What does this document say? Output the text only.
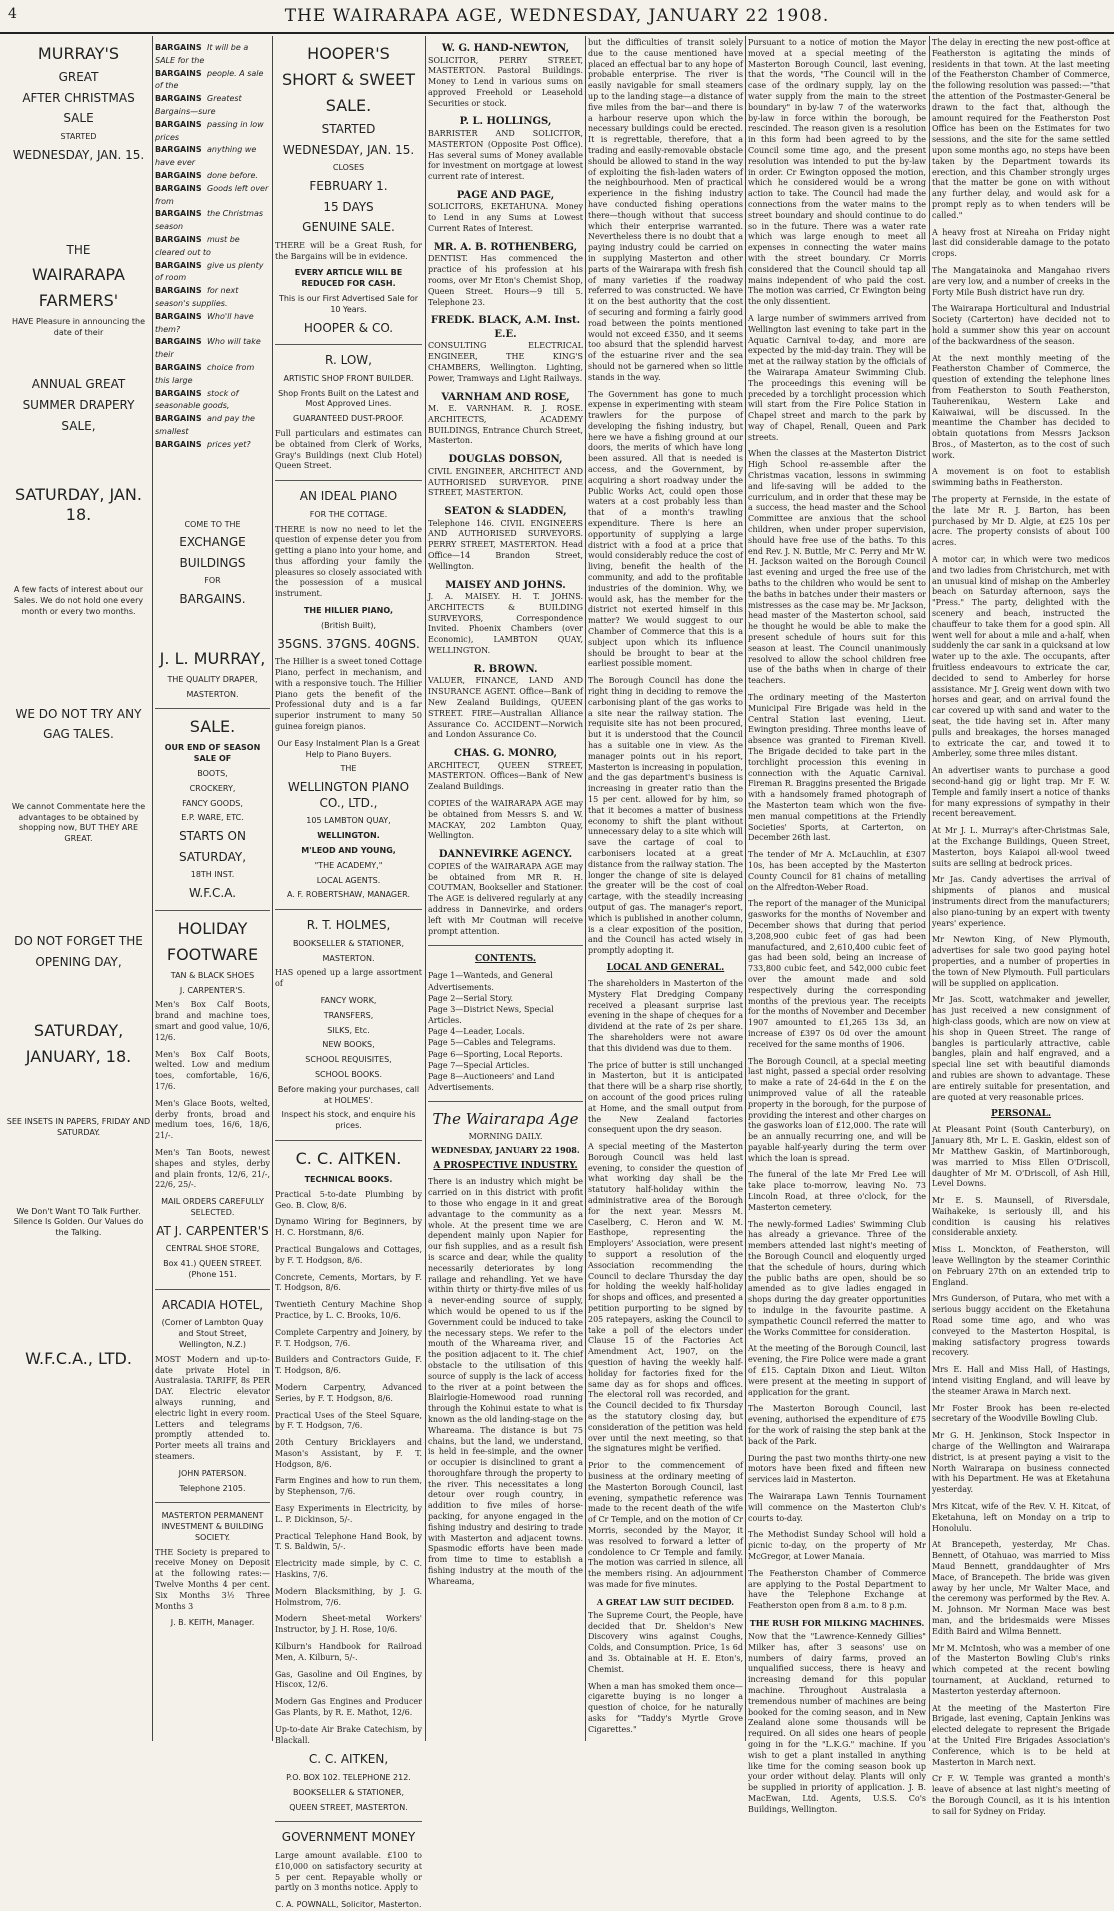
4	THE WAIRARAPA AGE, WEDNESDAY, JANUARY 22 1908.
MURRAY'S
GREAT
AFTER CHRISTMAS
SALE
STARTED
WEDNESDAY, JAN. 15.
THE
WAIRARAPA
FARMERS'
HAVE Pleasure in announcing the date of their
ANNUAL GREAT
SUMMER DRAPERY
SALE,
SATURDAY, JAN. 18.
A few facts of interest about our Sales. We do not hold one every month or every two months.
WE DO NOT TRY ANY
GAG TALES.
We cannot Commentate here the advantages to be obtained by shopping now, BUT THEY ARE GREAT.
DO NOT FORGET THE
OPENING DAY,
SATURDAY,
JANUARY, 18.
SEE INSETS IN PAPERS, FRIDAY AND SATURDAY.
We Don't Want TO Talk Further. Silence Is Golden. Our Values do the Talking.
W.F.C.A., LTD.
BARGAINS It will be a SALE for the
BARGAINS people. A sale of the
BARGAINS Greatest Bargains—sure
BARGAINS passing in low prices
BARGAINS anything we have ever
BARGAINS done before.
BARGAINS Goods left over from
BARGAINS the Christmas season
BARGAINS must be cleared out to
BARGAINS give us plenty of room
BARGAINS for next season's supplies.
BARGAINS Who'll have them?
BARGAINS Who will take their
BARGAINS choice from this large
BARGAINS stock of seasonable goods,
BARGAINS and pay the smallest
BARGAINS prices yet?
COME TO THE
EXCHANGE
BUILDINGS
FOR
BARGAINS.
J. L. MURRAY,
THE QUALITY DRAPER,
MASTERTON.
SALE.
OUR END OF SEASON SALE OF
BOOTS,
CROCKERY,
FANCY GOODS,
E.P. WARE, ETC.
STARTS ON
SATURDAY,
18TH INST.
W.F.C.A.
HOLIDAY
FOOTWARE
TAN & BLACK SHOES
J. CARPENTER'S.
Men's Box Calf Boots, brand and machine toes, smart and good value, 10/6, 12/6.
Men's Box Calf Boots, welted. Low and medium toes, comfortable, 16/6, 17/6.
Men's Glace Boots, welted, derby fronts, broad and medium toes, 16/6, 18/6, 21/-.
Men's Tan Boots, newest shapes and styles, derby and plain fronts, 12/6, 21/-, 22/6, 25/-.
MAIL ORDERS CAREFULLY SELECTED.
AT J. CARPENTER'S
CENTRAL SHOE STORE,
Box 41.) QUEEN STREET. (Phone 151.
ARCADIA HOTEL,
(Corner of Lambton Quay and Stout Street, Wellington, N.Z.)
MOST Modern and up-to-date private Hotel in Australasia. TARIFF, 8s PER DAY. Electric elevator always running, and electric light in every room. Letters and telegrams promptly attended to. Porter meets all trains and steamers.
JOHN PATERSON.
Telephone 2105.
MASTERTON PERMANENT INVESTMENT & BUILDING SOCIETY.
THE Society is prepared to receive Money on Deposit at the following rates:— Twelve Months 4 per cent. Six Months 3½ Three Months 3
J. B. KEITH, Manager.
HOOPER'S
SHORT & SWEET
SALE.
STARTED
WEDNESDAY, JAN. 15.
CLOSES
FEBRUARY 1.
15 DAYS
GENUINE SALE.
THERE will be a Great Rush, for the Bargains will be in evidence.
EVERY ARTICLE WILL BE REDUCED FOR CASH.
This is our First Advertised Sale for 10 Years.
HOOPER & CO.
R. LOW,
ARTISTIC SHOP FRONT BUILDER.
Shop Fronts Built on the Latest and Most Approved Lines.
GUARANTEED DUST-PROOF.
Full particulars and estimates can be obtained from Clerk of Works, Gray's Buildings (next Club Hotel) Queen Street.
AN IDEAL PIANO
FOR THE COTTAGE.
THERE is now no need to let the question of expense deter you from getting a piano into your home, and thus affording your family the pleasures so closely associated with the possession of a musical instrument.
THE HILLIER PIANO,
(British Built),
35GNS. 37GNS. 40GNS.
The Hillier is a sweet toned Cottage Piano, perfect in mechanism, and with a responsive touch. The Hillier Piano gets the benefit of the Professional duty and is a far superior instrument to many 50 guinea foreign pianos.
Our Easy Instalment Plan Is a Great Help to Piano Buyers.
THE
WELLINGTON PIANO CO., LTD.,
105 LAMBTON QUAY,
WELLINGTON.
M'LEOD AND YOUNG,
"THE ACADEMY,"
LOCAL AGENTS.
A. F. ROBERTSHAW, MANAGER.
R. T. HOLMES,
BOOKSELLER & STATIONER,
MASTERTON.
HAS opened up a large assortment of
FANCY WORK,
TRANSFERS,
SILKS, Etc.
NEW BOOKS,
SCHOOL REQUISITES,
SCHOOL BOOKS.
Before making your purchases, call at HOLMES'.
Inspect his stock, and enquire his prices.
C. C. AITKEN.
TECHNICAL BOOKS.
Practical 5-to-date Plumbing by Geo. B. Clow, 8/6.
Dynamo Wiring for Beginners, by H. C. Horstmann, 8/6.
Practical Bungalows and Cottages, by F. T. Hodgson, 8/6.
Concrete, Cements, Mortars, by F. T. Hodgson, 8/6.
Twentieth Century Machine Shop Practice, by L. C. Brooks, 10/6.
Complete Carpentry and Joinery, by F. T. Hodgson, 7/6.
Builders and Contractors Guide, F. T. Hodgson, 8/6.
Modern Carpentry, Advanced Series, by F. T. Hodgson, 8/6.
Practical Uses of the Steel Square, by F. T. Hodgson, 7/6.
20th Century Bricklayers and Mason's Assistant, by F. T. Hodgson, 8/6.
Farm Engines and how to run them, by Stephenson, 7/6.
Easy Experiments in Electricity, by L. P. Dickinson, 5/-.
Practical Telephone Hand Book, by T. S. Baldwin, 5/-.
Electricity made simple, by C. C. Haskins, 7/6.
Modern Blacksmithing, by J. G. Holmstrom, 7/6.
Modern Sheet-metal Workers' Instructor, by J. H. Rose, 10/6.
Kilburn's Handbook for Railroad Men, A. Kilburn, 5/-.
Gas, Gasoline and Oil Engines, by Hiscox, 12/6.
Modern Gas Engines and Producer Gas Plants, by R. E. Mathot, 12/6.
Up-to-date Air Brake Catechism, by Blackall.
C. C. AITKEN,
P.O. BOX 102. TELEPHONE 212.
BOOKSELLER & STATIONER,
QUEEN STREET, MASTERTON.
GOVERNMENT MONEY
Large amount available. £100 to £10,000 on satisfactory security at 5 per cent. Repayable wholly or partly on 3 months notice. Apply to
C. A. POWNALL, Solicitor, Masterton.
W. G. HAND-NEWTON,
SOLICITOR, PERRY STREET, MASTERTON. Pastoral Buildings. Money to Lend in various sums on approved Freehold or Leasehold Securities or stock.
P. L. HOLLINGS,
BARRISTER AND SOLICITOR, MASTERTON (Opposite Post Office). Has several sums of Money available for investment on mortgage at lowest current rate of interest.
PAGE AND PAGE,
SOLICITORS, EKETAHUNA. Money to Lend in any Sums at Lowest Current Rates of Interest.
MR. A. B. ROTHENBERG,
DENTIST. Has commenced the practice of his profession at his rooms, over Mr Eton's Chemist Shop, Queen Street. Hours—9 till 5. Telephone 23.
FREDK. BLACK, A.M. Inst. E.E.
CONSULTING ELECTRICAL ENGINEER, THE KING'S CHAMBERS, Wellington. Lighting, Power, Tramways and Light Railways.
VARNHAM AND ROSE,
M. E. VARNHAM. R. J. ROSE. ARCHITECTS, ACADEMY BUILDINGS, Entrance Church Street, Masterton.
DOUGLAS DOBSON,
CIVIL ENGINEER, ARCHITECT AND AUTHORISED SURVEYOR. PINE STREET, MASTERTON.
SEATON & SLADDEN,
Telephone 146. CIVIL ENGINEERS AND AUTHORISED SURVEYORS. PERRY STREET, MASTERTON. Head Office—14 Brandon Street, Wellington.
MAISEY AND JOHNS.
J. A. MAISEY. H. T. JOHNS. ARCHITECTS & BUILDING SURVEYORS, Correspondence Invited. Phoenix Chambers (over Economic), LAMBTON QUAY, WELLINGTON.
R. BROWN.
VALUER, FINANCE, LAND AND INSURANCE AGENT. Office—Bank of New Zealand Buildings, QUEEN STREET. FIRE—Australian Alliance Assurance Co. ACCIDENT—Norwich and London Assurance Co.
CHAS. G. MONRO,
ARCHITECT, QUEEN STREET, MASTERTON. Offices—Bank of New Zealand Buildings.
COPIES of the WAIRARAPA AGE may be obtained from Messrs S. and W. MACKAY, 202 Lambton Quay, Wellington.
DANNEVIRKE AGENCY.
COPIES of the WAIRARAPA AGE may be obtained from MR R. H. COUTMAN, Bookseller and Stationer. The AGE is delivered regularly at any address in Dannevirke, and orders left with Mr Coutman will receive prompt attention.
CONTENTS.
Page 1—Wanteds, and General Advertisements.
Page 2—Serial Story.
Page 3—District News, Special Articles.
Page 4—Leader, Locals.
Page 5—Cables and Telegrams.
Page 6—Sporting, Local Reports.
Page 7—Special Articles.
Page 8—Auctioneers' and Land Advertisements.
The Wairarapa Age
MORNING DAILY.
WEDNESDAY, JANUARY 22 1908.
A PROSPECTIVE INDUSTRY.
There is an industry which might be carried on in this district with profit to those who engage in it and great advantage to the community as a whole. At the present time we are dependent mainly upon Napier for our fish supplies, and as a result fish is scarce and dear, while the quality necessarily deteriorates by long railage and rehandling. Yet we have within thirty or thirty-five miles of us a never-ending source of supply, which would be opened to us if the Government could be induced to take the necessary steps. We refer to the mouth of the Whareama river, and the position adjacent to it. The chief obstacle to the utilisation of this source of supply is the lack of access to the river at a point between the Blairlogie-Homewood road running through the Kohinui estate to what is known as the old landing-stage on the Whareama. The distance is but 75 chains, but the land, we understand, is held in fee-simple, and the owner or occupier is disinclined to grant a thoroughfare through the property to the river. This necessitates a long detour over rough country, in addition to five miles of horse-packing, for anyone engaged in the fishing industry and desiring to trade with Masterton and adjacent towns. Spasmodic efforts have been made from time to time to establish a fishing industry at the mouth of the Whareama,
but the difficulties of transit solely due to the cause mentioned have placed an effectual bar to any hope of probable enterprise. The river is easily navigable for small steamers up to the landing stage—a distance of five miles from the bar—and there is a harbour reserve upon which the necessary buildings could be erected. It is regrettable, therefore, that a trading and easily-removable obstacle should be allowed to stand in the way of exploiting the fish-laden waters of the neighbourhood. Men of practical experience in the fishing industry have conducted fishing operations there—though without that success which their enterprise warranted. Nevertheless there is no doubt that a paying industry could be carried on in supplying Masterton and other parts of the Wairarapa with fresh fish of many varieties if the roadway referred to was constructed. We have it on the best authority that the cost of securing and forming a fairly good road between the points mentioned would not exceed £350, and it seems too absurd that the splendid harvest of the estuarine river and the sea should not be garnered when so little stands in the way.
The Government has gone to much expense in experimenting with steam trawlers for the purpose of developing the fishing industry, but here we have a fishing ground at our doors, the merits of which have long been assured. All that is needed is access, and the Government, by acquiring a short roadway under the Public Works Act, could open those waters at a cost probably less than that of a month's trawling expenditure. There is here an opportunity of supplying a large district with a food at a price that would considerably reduce the cost of living, benefit the health of the community, and add to the profitable industries of the dominion. Why, we would ask, has the member for the district not exerted himself in this matter? We would suggest to our Chamber of Commerce that this is a subject upon which its influence should be brought to bear at the earliest possible moment.
The Borough Council has done the right thing in deciding to remove the carbonising plant of the gas works to a site near the railway station. The requisite site has not been procured, but it is understood that the Council has a suitable one in view. As the manager points out in his report, Masterton is increasing in population, and the gas department's business is increasing in greater ratio than the 15 per cent. allowed for by him, so that it becomes a matter of business economy to shift the plant without unnecessary delay to a site which will save the cartage of coal to carbonisers located at a great distance from the railway station. The longer the change of site is delayed the greater will be the cost of coal cartage, with the steadily increasing output of gas. The manager's report, which is published in another column, is a clear exposition of the position, and the Council has acted wisely in promptly adopting it.
LOCAL AND GENERAL.
The shareholders in Masterton of the Mystery Flat Dredging Company received a pleasant surprise last evening in the shape of cheques for a dividend at the rate of 2s per share. The shareholders were not aware that this dividend was due to them.
The price of butter is still unchanged in Masterton, but it is anticipated that there will be a sharp rise shortly, on account of the good prices ruling at Home, and the small output from the New Zealand factories consequent upon the dry season.
A special meeting of the Masterton Borough Council was held last evening, to consider the question of what working day shall be the statutory half-holiday within the administrative area of the Borough for the next year. Messrs M. Caselberg, C. Heron and W. M. Easthope, representing the Employers' Association, were present to support a resolution of the Association recommending the Council to declare Thursday the day for holding the weekly half-holiday for shops and offices, and presented a petition purporting to be signed by 205 ratepayers, asking the Council to take a poll of the electors under Clause 15 of the Factories Act Amendment Act, 1907, on the question of having the weekly half-holiday for factories fixed for the same day as for shops and offices. The electoral roll was recorded, and the Council decided to fix Thursday as the statutory closing day, but consideration of the petition was held over until the next meeting, so that the signatures might be verified.
Prior to the commencement of business at the ordinary meeting of the Masterton Borough Council, last evening, sympathetic reference was made to the recent death of the wife of Cr Temple, and on the motion of Cr Morris, seconded by the Mayor, it was resolved to forward a letter of condolence to Cr Temple and family. The motion was carried in silence, all the members rising. An adjournment was made for five minutes.
A GREAT LAW SUIT DECIDED.
The Supreme Court, the People, have decided that Dr. Sheldon's New Discovery wins against Coughs, Colds, and Consumption. Price, 1s 6d and 3s. Obtainable at H. E. Eton's, Chemist.
When a man has smoked them once—cigarette buying is no longer a question of choice, for he naturally asks for "Taddy's Myrtle Grove Cigarettes."
Pursuant to a notice of motion the Mayor moved at a special meeting of the Masterton Borough Council, last evening, that the words, "The Council will in the case of the ordinary supply, lay on the water supply from the main to the street boundary" in by-law 7 of the waterworks by-law in force within the borough, be rescinded. The reason given is a resolution in this form had been agreed to by the Council some time ago, and the present resolution was intended to put the by-law in order. Cr Ewington opposed the motion, which he considered would be a wrong action to take. The Council had made the connections from the water mains to the street boundary and should continue to do so in the future. There was a water rate which was large enough to meet all expenses in connecting the water mains with the street boundary. Cr Morris considered that the Council should tap all mains independent of who paid the cost. The motion was carried, Cr Ewington being the only dissentient.
A large number of swimmers arrived from Wellington last evening to take part in the Aquatic Carnival to-day, and more are expected by the mid-day train. They will be met at the railway station by the officials of the Wairarapa Amateur Swimming Club. The proceedings this evening will be preceded by a torchlight procession which will start from the Fire Police Station in Chapel street and march to the park by way of Chapel, Renall, Queen and Park streets.
When the classes at the Masterton District High School re-assemble after the Christmas vacation, lessons in swimming and life-saving will be added to the curriculum, and in order that these may be a success, the head master and the School Committee are anxious that the school children, when under proper supervision, should have free use of the baths. To this end Rev. J. N. Buttle, Mr C. Perry and Mr W. H. Jackson waited on the Borough Council last evening and urged the free use of the baths to the children who would be sent to the baths in batches under their masters or mistresses as the case may be. Mr Jackson, head master of the Masterton school, said he thought he would be able to make the present schedule of hours suit for this season at least. The Council unanimously resolved to allow the school children free use of the baths when in charge of their teachers.
The ordinary meeting of the Masterton Municipal Fire Brigade was held in the Central Station last evening, Lieut. Ewington presiding. Three months leave of absence was granted to Fireman Kivell. The Brigade decided to take part in the torchlight procession this evening in connection with the Aquatic Carnival. Fireman R. Braggins presented the Brigade with a handsomely framed photograph of the Masterton team which won the five-men manual competitions at the Friendly Societies' Sports, at Carterton, on December 26th last.
The tender of Mr A. McLauchlin, at £307 10s, has been accepted by the Masterton County Council for 81 chains of metalling on the Alfredton-Weber Road.
The report of the manager of the Municipal gasworks for the months of November and December shows that during that period 3,208,900 cubic feet of gas had been manufactured, and 2,610,400 cubic feet of gas had been sold, being an increase of 733,800 cubic feet, and 542,000 cubic feet over the amount made and sold respectively during the corresponding months of the previous year. The receipts for the months of November and December 1907 amounted to £1,265 13s 3d, an increase of £397 0s 0d over the amount received for the same months of 1906.
The Borough Council, at a special meeting last night, passed a special order resolving to make a rate of 24-64d in the £ on the unimproved value of all the rateable property in the borough, for the purpose of providing the interest and other charges on the gasworks loan of £12,000. The rate will be an annually recurring one, and will be payable half-yearly during the term over which the loan is spread.
The funeral of the late Mr Fred Lee will take place to-morrow, leaving No. 73 Lincoln Road, at three o'clock, for the Masterton cemetery.
The newly-formed Ladies' Swimming Club has already a grievance. Three of the members attended last night's meeting of the Borough Council and eloquently urged that the schedule of hours, during which the public baths are open, should be so amended as to give ladies engaged in shops during the day greater opportunities to indulge in the favourite pastime. A sympathetic Council referred the matter to the Works Committee for consideration.
At the meeting of the Borough Council, last evening, the Fire Police were made a grant of £15. Captain Dixon and Lieut. Wilton were present at the meeting in support of application for the grant.
The Masterton Borough Council, last evening, authorised the expenditure of £75 for the work of raising the step bank at the back of the Park.
During the past two months thirty-one new motors have been fixed and fifteen new services laid in Masterton.
The Wairarapa Lawn Tennis Tournament will commence on the Masterton Club's courts to-day.
The Methodist Sunday School will hold a picnic to-day, on the property of Mr McGregor, at Lower Manaia.
The Featherston Chamber of Commerce are applying to the Postal Department to have the Telephone Exchange at Featherston open from 8 a.m. to 8 p.m.
THE RUSH FOR MILKING MACHINES.
Now that the "Lawrence-Kennedy Gillies" Milker has, after 3 seasons' use on numbers of dairy farms, proved an unqualified success, there is heavy and increasing demand for this popular machine. Throughout Australasia a tremendous number of machines are being booked for the coming season, and in New Zealand alone some thousands will be required. On all sides one hears of people going in for the "L.K.G." machine. If you wish to get a plant installed in anything like time for the coming season book up your order without delay. Plants will only be supplied in priority of application. J. B. MacEwan, Ltd. Agents, U.S.S. Co's Buildings, Wellington.
The delay in erecting the new post-office at Featherston is agitating the minds of residents in that town. At the last meeting of the Featherston Chamber of Commerce, the following resolution was passed:—"that the attention of the Postmaster-General be drawn to the fact that, although the amount required for the Featherston Post Office has been on the Estimates for two sessions, and the site for the same settled upon some months ago, no steps have been taken by the Department towards its erection, and this Chamber strongly urges that the matter be gone on with without any further delay, and would ask for a prompt reply as to when tenders will be called."
A heavy frost at Nireaha on Friday night last did considerable damage to the potato crops.
The Mangatainoka and Mangahao rivers are very low, and a number of creeks in the Forty Mile Bush district have run dry.
The Wairarapa Horticultural and Industrial Society (Carterton) have decided not to hold a summer show this year on account of the backwardness of the season.
At the next monthly meeting of the Featherston Chamber of Commerce, the question of extending the telephone lines from Featherston to South Featherston, Tauherenikau, Western Lake and Kaiwaiwai, will be discussed. In the meantime the Chamber has decided to obtain quotations from Messrs Jackson Bros., of Masterton, as to the cost of such work.
A movement is on foot to establish swimming baths in Featherston.
The property at Fernside, in the estate of the late Mr R. J. Barton, has been purchased by Mr D. Algie, at £25 10s per acre. The property consists of about 100 acres.
A motor car, in which were two medicos and two ladies from Christchurch, met with an unusual kind of mishap on the Amberley beach on Saturday afternoon, says the "Press." The party, delighted with the scenery and beach, instructed the chauffeur to take them for a good spin. All went well for about a mile and a-half, when suddenly the car sank in a quicksand at low water up to the axle. The occupants, after fruitless endeavours to extricate the car, decided to send to Amberley for horse assistance. Mr J. Greig went down with two horses and gear, and on arrival found the car covered up with sand and water to the seat, the tide having set in. After many pulls and breakages, the horses managed to extricate the car, and towed it to Amberley, some three miles distant.
An advertiser wants to purchase a good second-hand gig or light trap. Mr F. W. Temple and family insert a notice of thanks for many expressions of sympathy in their recent bereavement.
At Mr J. L. Murray's after-Christmas Sale, at the Exchange Buildings, Queen Street, Masterton, boys Kaiapoi all-wool tweed suits are selling at bedrock prices.
Mr Jas. Candy advertises the arrival of shipments of pianos and musical instruments direct from the manufacturers; also piano-tuning by an expert with twenty years' experience.
Mr Newton King, of New Plymouth, advertises for sale two good paying hotel properties, and a number of properties in the town of New Plymouth. Full particulars will be supplied on application.
Mr Jas. Scott, watchmaker and jeweller, has just received a new consignment of high-class goods, which are now on view at his shop in Queen Street. The range of bangles is particularly attractive, cable bangles, plain and half engraved, and a special line set with beautiful diamonds and rubies are shown to advantage. These are entirely suitable for presentation, and are quoted at very reasonable prices.
PERSONAL.
At Pleasant Point (South Canterbury), on January 8th, Mr L. E. Gaskin, eldest son of Mr Matthew Gaskin, of Martinborough, was married to Miss Ellen O'Driscoll, daughter of Mr M. O'Driscoll, of Ash Hill, Level Downs.
Mr E. S. Maunsell, of Riversdale, Waihakeke, is seriously ill, and his condition is causing his relatives considerable anxiety.
Miss L. Monckton, of Featherston, will leave Wellington by the steamer Corinthic on February 27th on an extended trip to England.
Mrs Gunderson, of Putara, who met with a serious buggy accident on the Eketahuna Road some time ago, and who was conveyed to the Masterton Hospital, is making satisfactory progress towards recovery.
Mrs E. Hall and Miss Hall, of Hastings, intend visiting England, and will leave by the steamer Arawa in March next.
Mr Foster Brook has been re-elected secretary of the Woodville Bowling Club.
Mr G. H. Jenkinson, Stock Inspector in charge of the Wellington and Wairarapa district, is at present paying a visit to the North Wairarapa on business connected with his Department. He was at Eketahuna yesterday.
Mrs Kitcat, wife of the Rev. V. H. Kitcat, of Eketahuna, left on Monday on a trip to Honolulu.
At Brancepeth, yesterday, Mr Chas. Bennett, of Otahuao, was married to Miss Maud Bennett, granddaughter of Mrs Mace, of Brancepeth. The bride was given away by her uncle, Mr Walter Mace, and the ceremony was performed by the Rev. A. M. Johnson. Mr Norman Mace was best man, and the bridesmaids were Misses Edith Baird and Wilma Bennett.
Mr M. McIntosh, who was a member of one of the Masterton Bowling Club's rinks which competed at the recent bowling tournament, at Auckland, returned to Masterton yesterday afternoon.
At the meeting of the Masterton Fire Brigade, last evening, Captain Jenkins was elected delegate to represent the Brigade at the United Fire Brigades Association's Conference, which is to be held at Masterton in March next.
Cr F. W. Temple was granted a month's leave of absence at last night's meeting of the Borough Council, as it is his intention to sail for Sydney on Friday.
